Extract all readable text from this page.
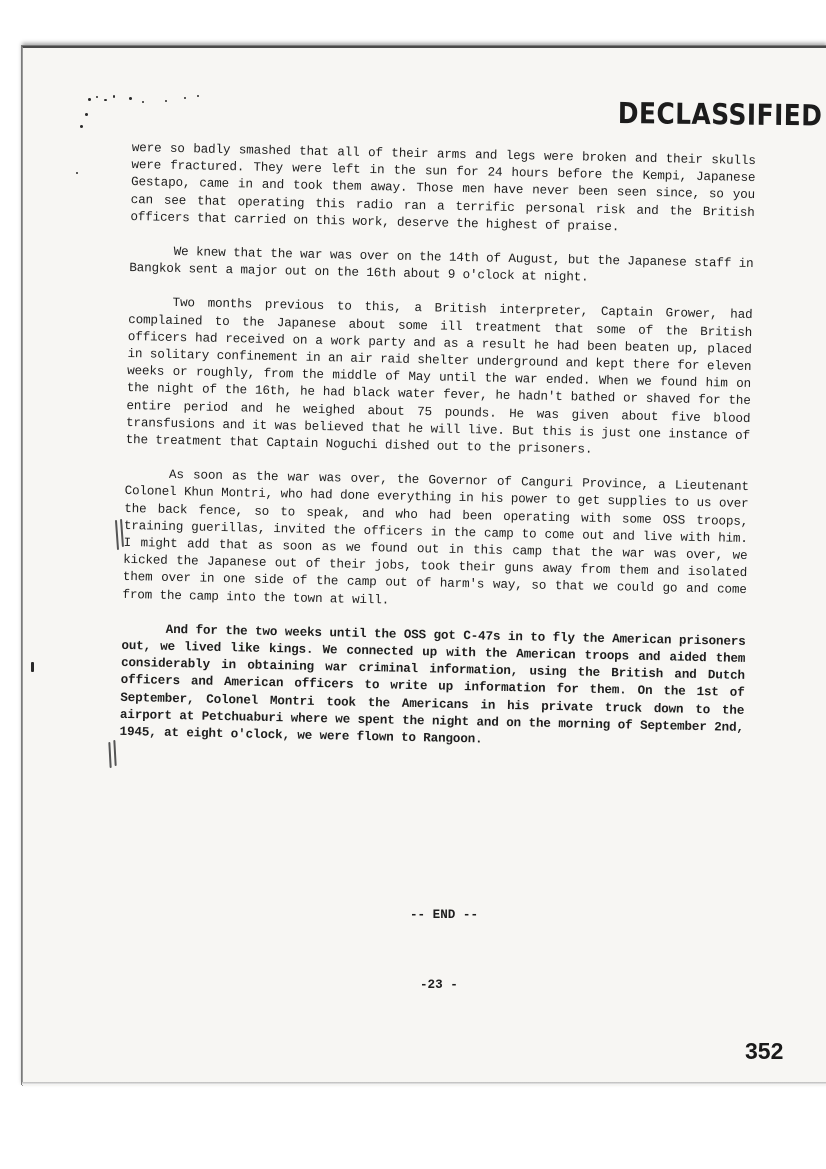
DECLASSIFIED

were so badly smashed that all of their arms and legs were broken and their skulls were fractured. They were left in the sun for 24 hours before the Kempi, Japanese Gestapo, came in and took them away. Those men have never been seen since, so you can see that operating this radio ran a terrific personal risk and the British officers that carried on this work, deserve the highest of praise.

We knew that the war was over on the 14th of August, but the Japanese staff in Bangkok sent a major out on the 16th about 9 o'clock at night.

Two months previous to this, a British interpreter, Captain Grower, had complained to the Japanese about some ill treatment that some of the British officers had received on a work party and as a result he had been beaten up, placed in solitary confinement in an air raid shelter underground and kept there for eleven weeks or roughly, from the middle of May until the war ended. When we found him on the night of the 16th, he had black water fever, he hadn't bathed or shaved for the entire period and he weighed about 75 pounds. He was given about five blood transfusions and it was believed that he will live. But this is just one instance of the treatment that Captain Noguchi dished out to the prisoners.

As soon as the war was over, the Governor of Canguri Province, a Lieutenant Colonel Khun Montri, who had done everything in his power to get supplies to us over the back fence, so to speak, and who had been operating with some OSS troops, training guerillas, invited the officers in the camp to come out and live with him. I might add that as soon as we found out in this camp that the war was over, we kicked the Japanese out of their jobs, took their guns away from them and isolated them over in one side of the camp out of harm's way, so that we could go and come from the camp into the town at will.

And for the two weeks until the OSS got C-47s in to fly the American prisoners out, we lived like kings. We connected up with the American troops and aided them considerably in obtaining war criminal information, using the British and Dutch officers and American officers to write up information for them. On the 1st of September, Colonel Montri took the Americans in his private truck down to the airport at Petchuaburi where we spent the night and on the morning of September 2nd, 1945, at eight o'clock, we were flown to Rangoon.

-- END --
-23 -
352
